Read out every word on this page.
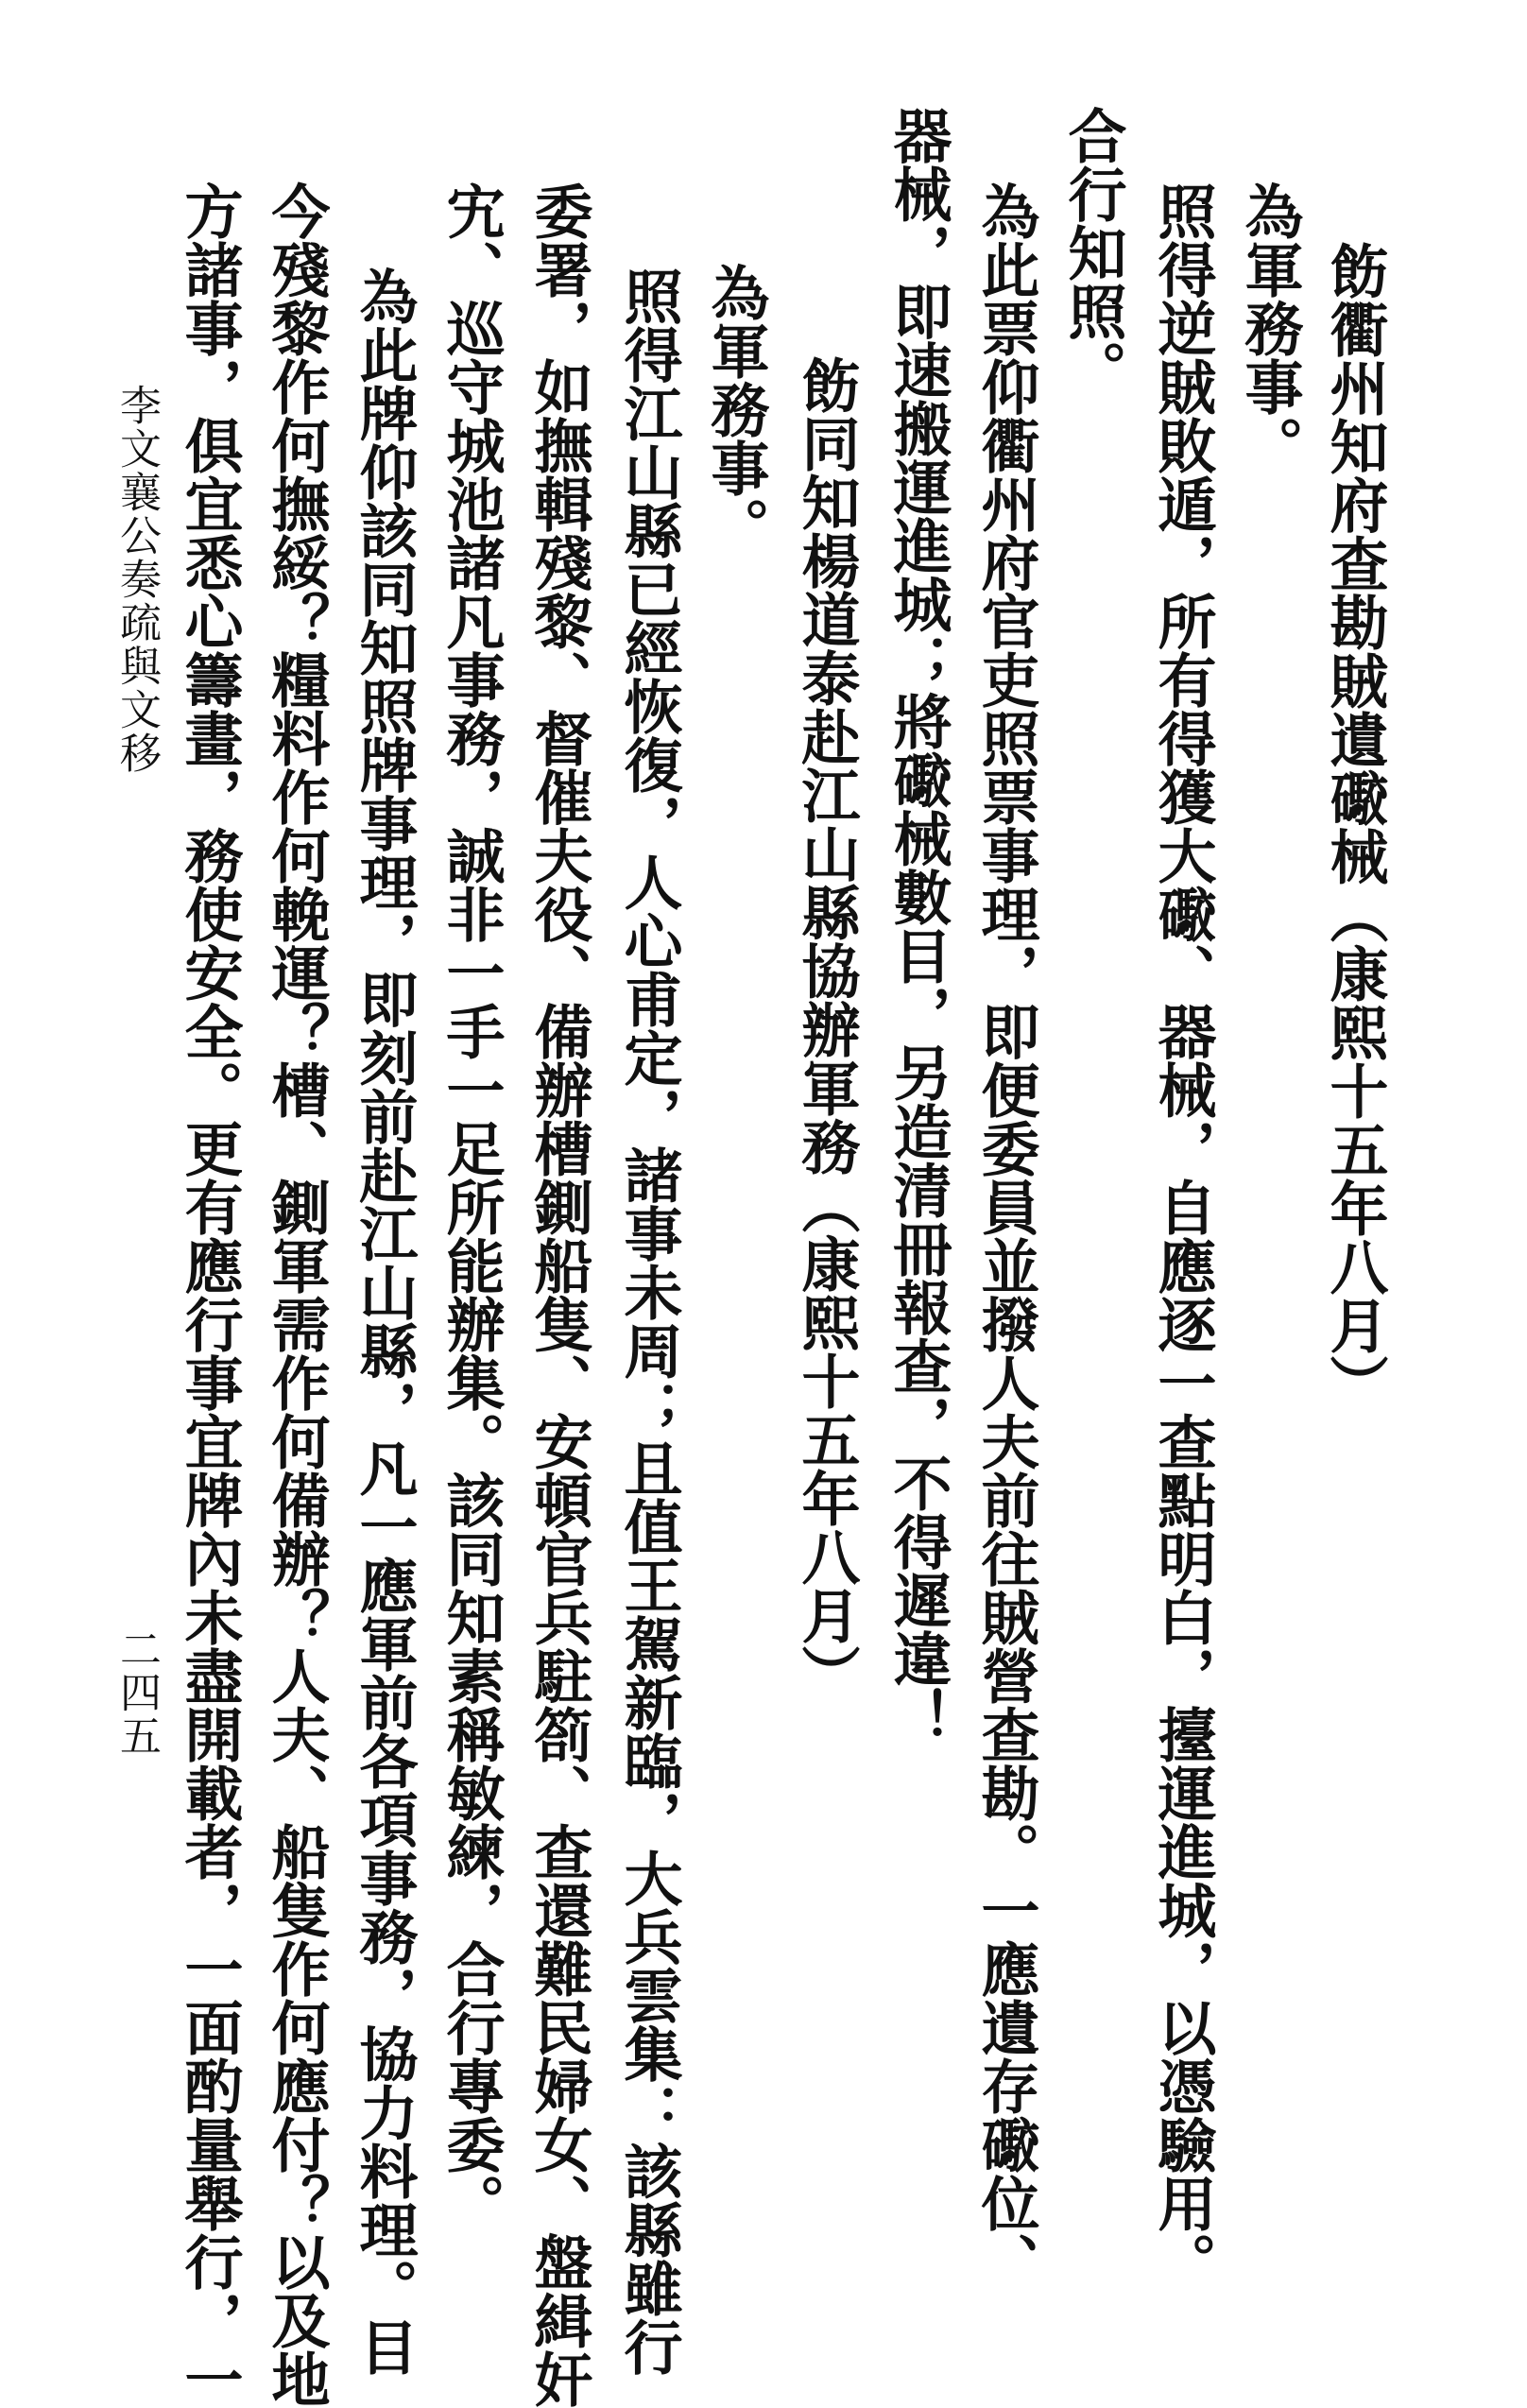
飭衢州知府查勘賊遺礮械（康熙十五年八月）
為軍務事。
照得逆賊敗遁，所有得獲大礮、器械，自應逐一查點明白，擡運進城，以憑驗用。
合行知照。
為此票仰衢州府官吏照票事理，即便委員並撥人夫前往賊營查勘。一應遺存礮位、
器械，即速搬運進城；將礮械數目，另造清冊報查，不得遲違！
飭同知楊道泰赴江山縣協辦軍務（康熙十五年八月）
為軍務事。
照得江山縣已經恢復，人心甫定，諸事未周；且值王駕新臨，大兵雲集：該縣雖行
委署，如撫輯殘黎、督催夫役、備辦槽鍘船隻、安頓官兵駐箚、查還難民婦女、盤緝奸
宄、巡守城池諸凡事務，誠非一手一足所能辦集。該同知素稱敏練，合行專委。
為此牌仰該同知照牌事理，即刻前赴江山縣，凡一應軍前各項事務，協力料理。目
今殘黎作何撫綏？糧料作何輓運？槽、鍘軍需作何備辦？人夫、船隻作何應付？以及地
方諸事，俱宜悉心籌畫，務使安全。更有應行事宜牌內未盡開載者，一面酌量舉行，一
李文襄公奏疏與文移
二四五
